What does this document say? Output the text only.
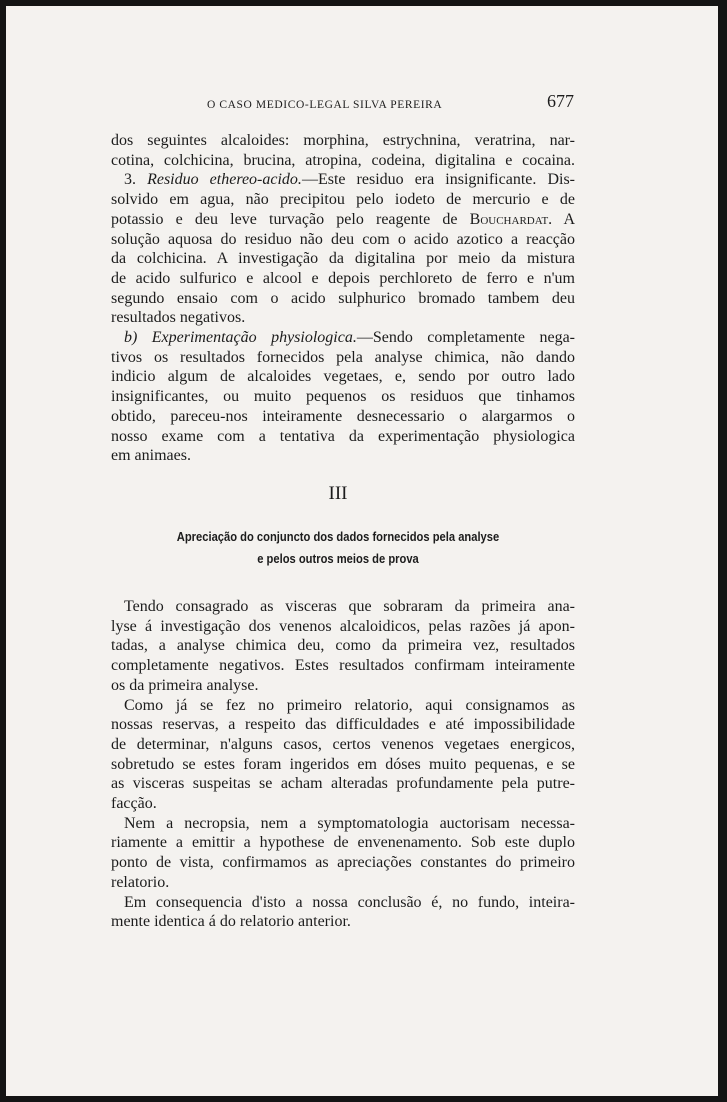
O CASO MEDICO-LEGAL SILVA PEREIRA	677
dos seguintes alcaloides: morphina, estrychnina, veratrina, nar-
cotina, colchicina, brucina, atropina, codeina, digitalina e cocaina.
3. Residuo ethereo-acido.—Este residuo era insignificante. Dis-
solvido em agua, não precipitou pelo iodeto de mercurio e de
potassio e deu leve turvação pelo reagente de Bouchardat. A
solução aquosa do residuo não deu com o acido azotico a reacção
da colchicina. A investigação da digitalina por meio da mistura
de acido sulfurico e alcool e depois perchloreto de ferro e n'um
segundo ensaio com o acido sulphurico bromado tambem deu
resultados negativos.
b) Experimentação physiologica.—Sendo completamente nega-
tivos os resultados fornecidos pela analyse chimica, não dando
indicio algum de alcaloides vegetaes, e, sendo por outro lado
insignificantes, ou muito pequenos os residuos que tinhamos
obtido, pareceu-nos inteiramente desnecessario o alargarmos o
nosso exame com a tentativa da experimentação physiologica
em animaes.
III
Apreciação do conjuncto dos dados fornecidos pela analyse
e pelos outros meios de prova
Tendo consagrado as visceras que sobraram da primeira ana-
lyse á investigação dos venenos alcaloidicos, pelas razões já apon-
tadas, a analyse chimica deu, como da primeira vez, resultados
completamente negativos. Estes resultados confirmam inteiramente
os da primeira analyse.
Como já se fez no primeiro relatorio, aqui consignamos as
nossas reservas, a respeito das difficuldades e até impossibilidade
de determinar, n'alguns casos, certos venenos vegetaes energicos,
sobretudo se estes foram ingeridos em dóses muito pequenas, e se
as visceras suspeitas se acham alteradas profundamente pela putre-
facção.
Nem a necropsia, nem a symptomatologia auctorisam necessa-
riamente a emittir a hypothese de envenenamento. Sob este duplo
ponto de vista, confirmamos as apreciações constantes do primeiro
relatorio.
Em consequencia d'isto a nossa conclusão é, no fundo, inteira-
mente identica á do relatorio anterior.
